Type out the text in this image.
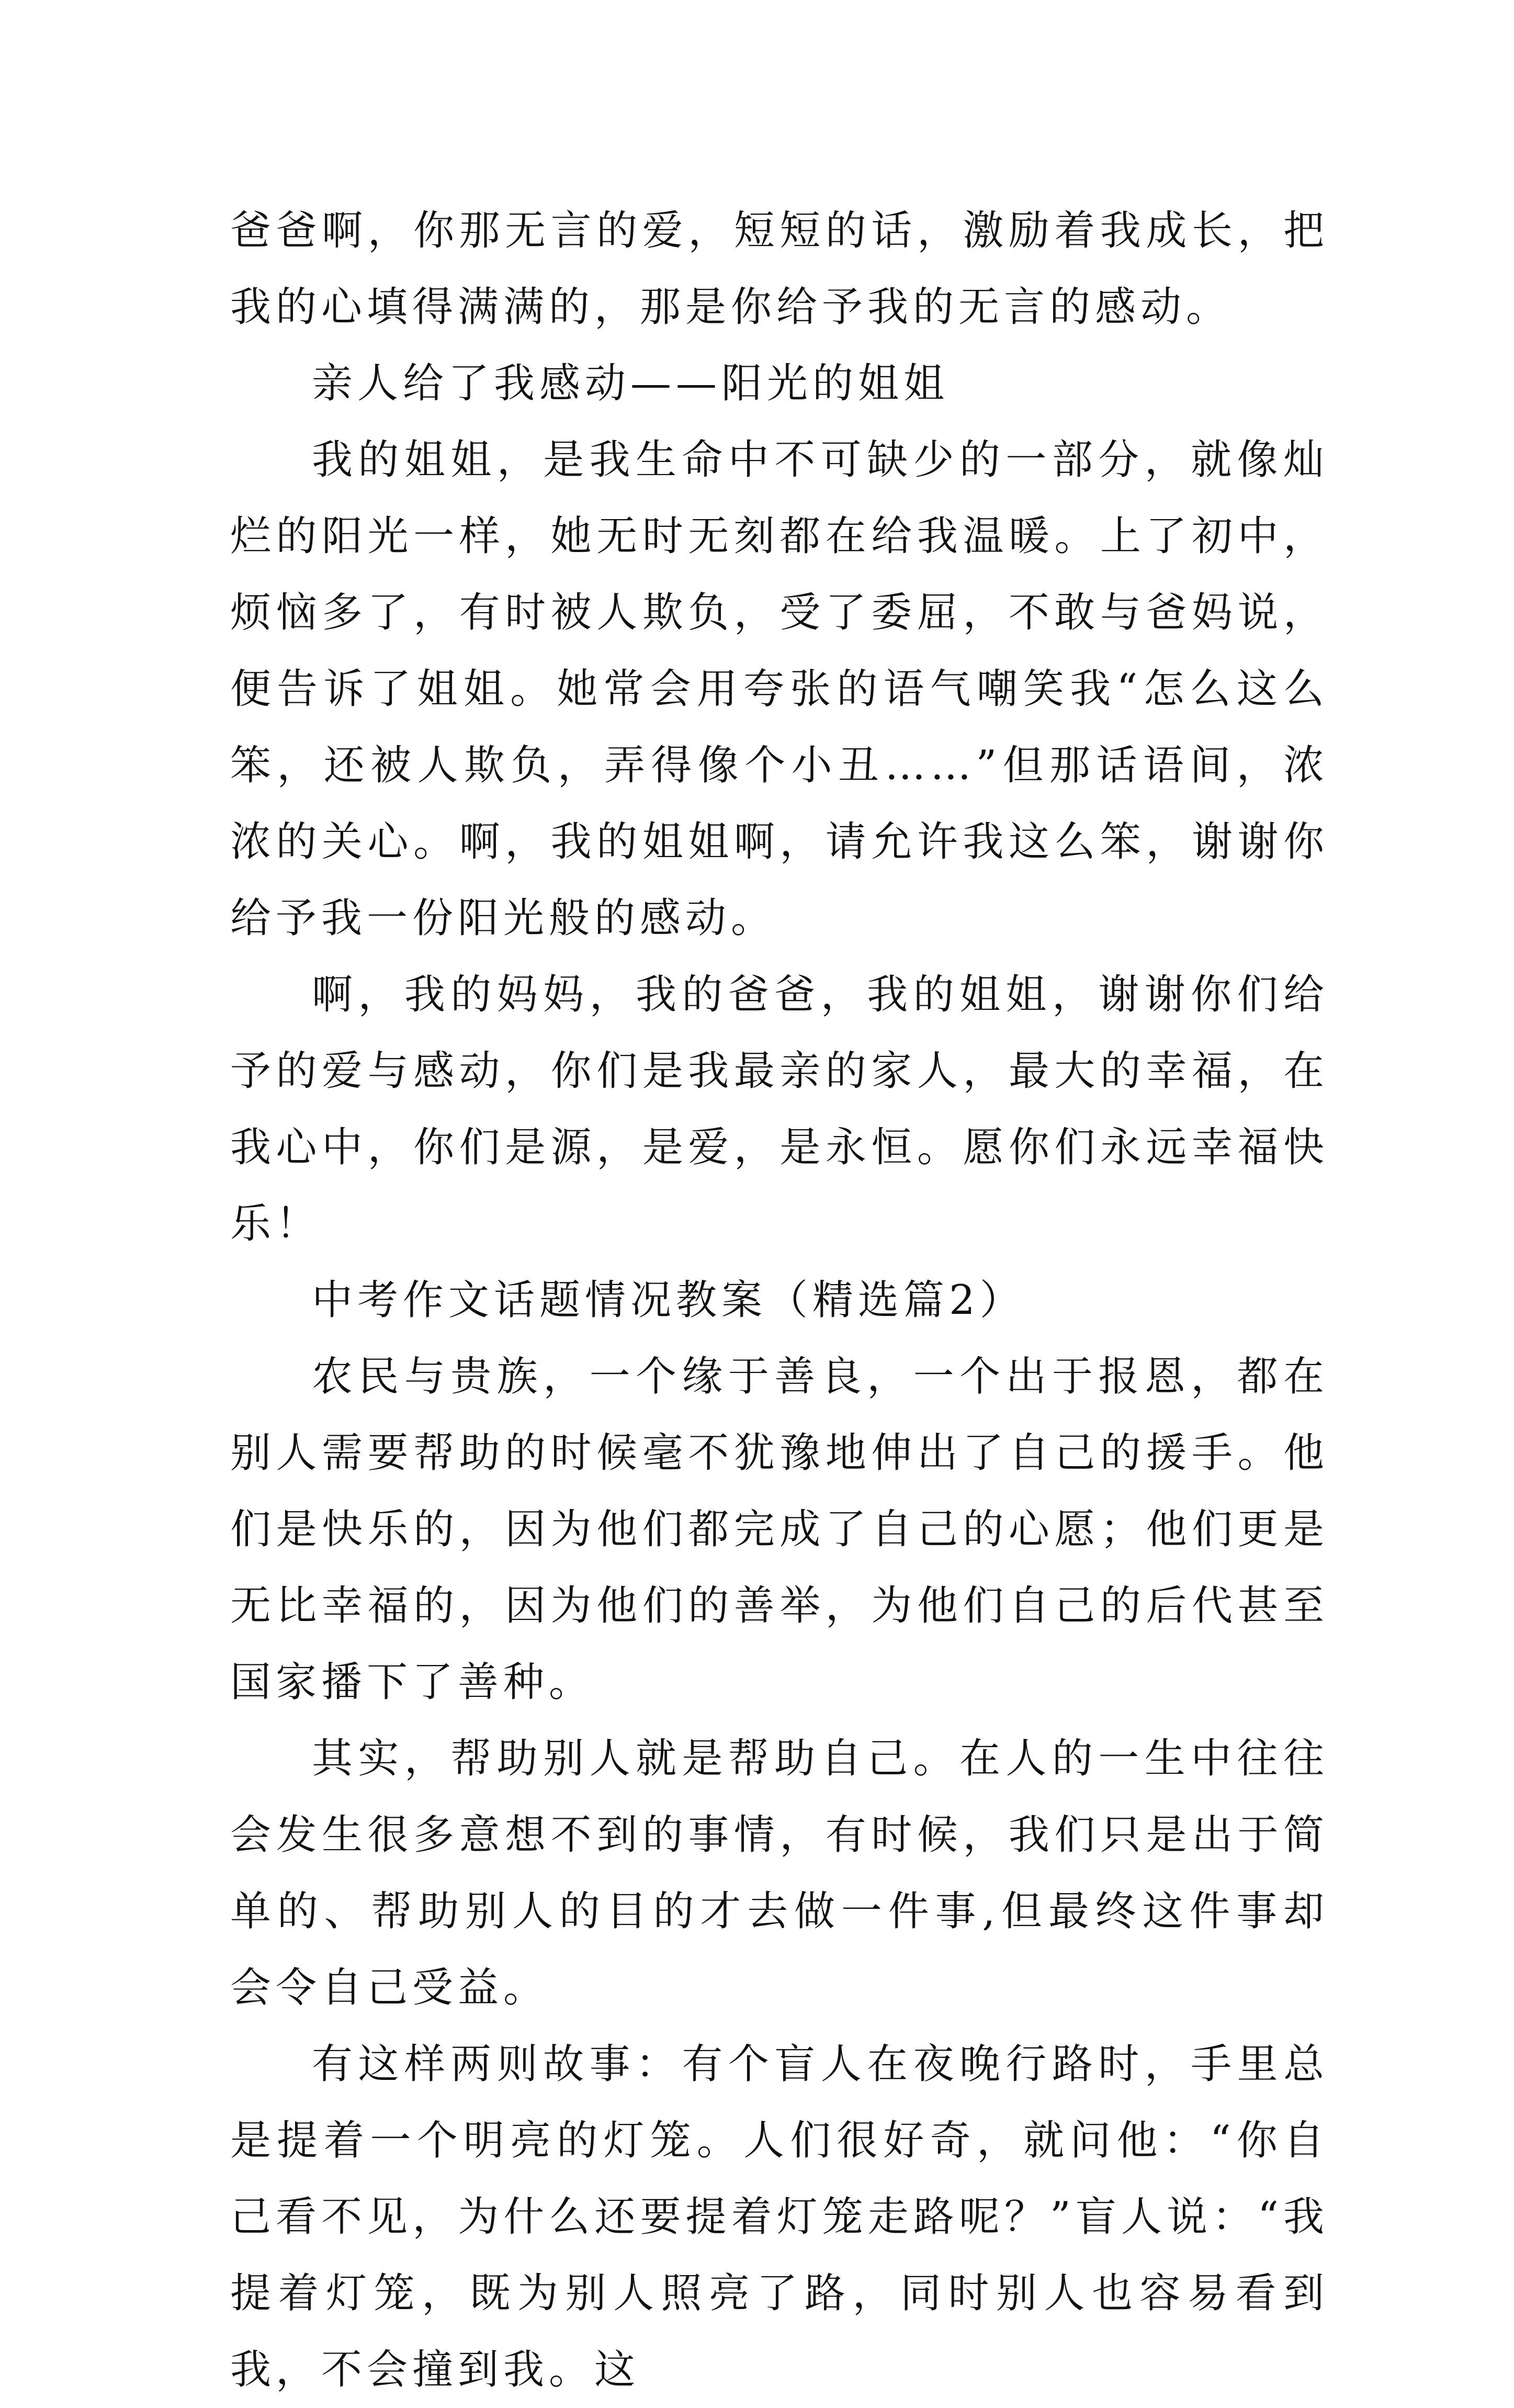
爸爸啊，你那无言的爱，短短的话，激励着我成长，把我的心填得满满的，那是你给予我的无言的感动。

亲人给了我感动——阳光的姐姐

我的姐姐，是我生命中不可缺少的一部分，就像灿烂的阳光一样，她无时无刻都在给我温暖。上了初中，烦恼多了，有时被人欺负，受了委屈，不敢与爸妈说，便告诉了姐姐。她常会用夸张的语气嘲笑我“怎么这么笨，还被人欺负，弄得像个小丑……”但那话语间，浓浓的关心。啊，我的姐姐啊，请允许我这么笨，谢谢你给予我一份阳光般的感动。

啊，我的妈妈，我的爸爸，我的姐姐，谢谢你们给予的爱与感动，你们是我最亲的家人，最大的幸福，在我心中，你们是源，是爱，是永恒。愿你们永远幸福快乐！

中考作文话题情况教案（精选篇2）

农民与贵族，一个缘于善良，一个出于报恩，都在别人需要帮助的时候毫不犹豫地伸出了自己的援手。他们是快乐的，因为他们都完成了自己的心愿；他们更是无比幸福的，因为他们的善举，为他们自己的后代甚至国家播下了善种。

其实，帮助别人就是帮助自己。在人的一生中往往会发生很多意想不到的事情，有时候，我们只是出于简单的、帮助别人的目的才去做一件事,但最终这件事却会令自己受益。

有这样两则故事：有个盲人在夜晚行路时，手里总是提着一个明亮的灯笼。人们很好奇，就问他：“你自己看不见，为什么还要提着灯笼走路呢？”盲人说：“我提着灯笼，既为别人照亮了路，同时别人也容易看到我，不会撞到我。这
